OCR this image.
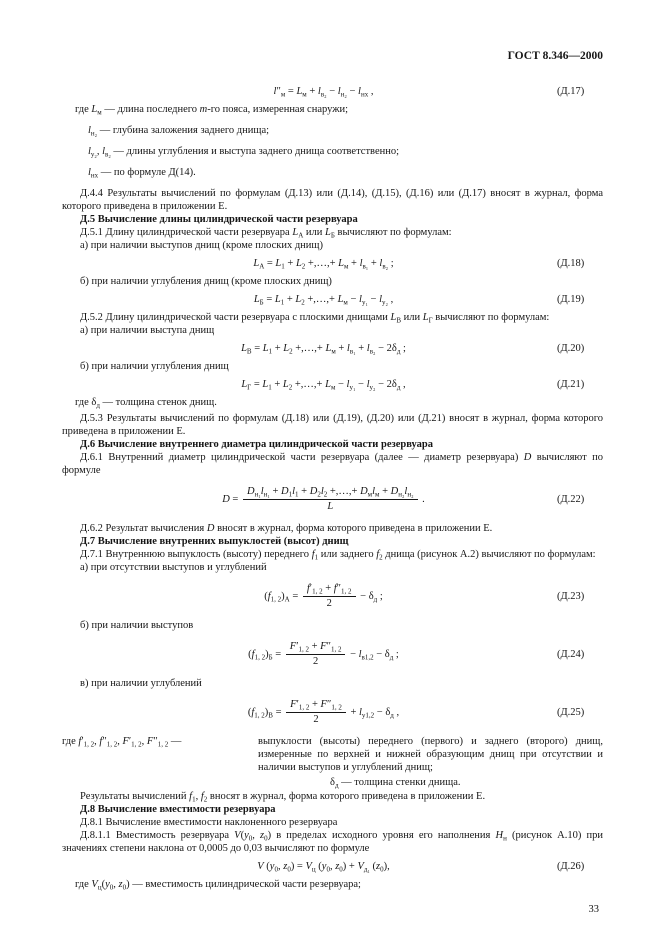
ГОСТ 8.346—2000
$l''_м = L_м + l_{в_2} - l_{н_2} - l_{нх}$ ,	(Д.17)
где $L_м$ — длина последнего m-го пояса, измеренная снаружи;
$l_{н_2}$ — глубина заложения заднего днища;
$l_{у_2}$, $l_{в_2}$ — длины углубления и выступа заднего днища соответственно;
$l_{нх}$ — по формуле Д(14).
Д.4.4 Результаты вычислений по формулам (Д.13) или (Д.14), (Д.15), (Д.16) или (Д.17) вносят в журнал, форма которого приведена в приложении Е.
Д.5 Вычисление длины цилиндрической части резервуара
Д.5.1 Длину цилиндрической части резервуара $L_А$ или $L_Б$ вычисляют по формулам:
а) при наличии выступов днищ (кроме плоских днищ)
$L_А = L_1 + L_2$ +,…,+ $L_м + l_{в_1} + l_{в_2}$ ;	(Д.18)
б) при наличии углубления днищ (кроме плоских днищ)
$L_Б = L_1 + L_2$ +,…,+ $L_м - l_{у_1} - l_{у_2}$ ,	(Д.19)
Д.5.2 Длину цилиндрической части резервуара с плоскими днищами $L_В$ или $L_Г$ вычисляют по формулам:
а) при наличии выступа днищ
$L_В = L_1 + L_2$ +,…,+ $L_м + l_{в_1} + l_{в_2} - 2\delta_д$ ;	(Д.20)
б) при наличии углубления днищ
$L_Г = L_1 + L_2$ +,…,+ $L_м - l_{у_1} - l_{у_2} - 2\delta_д$ ,	(Д.21)
где $\delta_д$ — толщина стенок днищ.
Д.5.3 Результаты вычислений по формулам (Д.18) или (Д.19), (Д.20) или (Д.21) вносят в журнал, форма которого приведена в приложении Е.
Д.6 Вычисление внутреннего диаметра цилиндрической части резервуара
Д.6.1 Внутренний диаметр цилиндрической части резервуара (далее — диаметр резервуара) D вычисляют по формуле
$D = \frac{D_{н_1}l_{н_1} + D_1l_1 + D_2l_2 +,\dots,+ D_мl_м + D_{н_2}l_{н_2}}{L}$ .	(Д.22)
Д.6.2 Результат вычисления D вносят в журнал, форма которого приведена в приложении Е.
Д.7 Вычисление внутренних выпуклостей (высот) днищ
Д.7.1 Внутреннюю выпуклость (высоту) переднего $f_1$ или заднего $f_2$ днища (рисунок А.2) вычисляют по формулам:
а) при отсутствии выступов и углублений
$(f_{1, 2})_А = \frac{f'_{1, 2} + f''_{1, 2}}{2} - \delta_д$ ;	(Д.23)
б) при наличии выступов
$(f_{1, 2})_Б = \frac{F'_{1, 2} + F''_{1, 2}}{2} - l_{в1,2} - \delta_д$ ;	(Д.24)
в) при наличии углублений
$(f_{1, 2})_В = \frac{F'_{1, 2} + F''_{1, 2}}{2} + l_{у1,2} - \delta_д$ ,	(Д.25)
где $f'_{1, 2}$, $f''_{1, 2}$, $F'_{1, 2}$, $F''_{1, 2}$ —	выпуклости (высоты) переднего (первого) и заднего (второго) днищ, измеренные по верхней и нижней образующим днищ при отсутствии и наличии выступов и углублений днищ;
$\delta_д$ — толщина стенки днища.
Результаты вычислений $f_1$, $f_2$ вносят в журнал, форма которого приведена в приложении Е.
Д.8 Вычисление вместимости резервуара
Д.8.1 Вычисление вместимости наклоненного резервуара
Д.8.1.1 Вместимость резервуара $V(y_0$, $z_0$) в пределах исходного уровня его наполнения $Н_н$ (рисунок А.10) при значениях степени наклона от 0,0005 до 0,03 вычисляют по формуле
V ($y_0$, $z_0) = V_ц$ ($y_0$, $z_0) + V_{д_1}$ $(z_0)$,	(Д.26)
где $V_ц(y_0$, $z_0$) — вместимость цилиндрической части резервуара;
33
